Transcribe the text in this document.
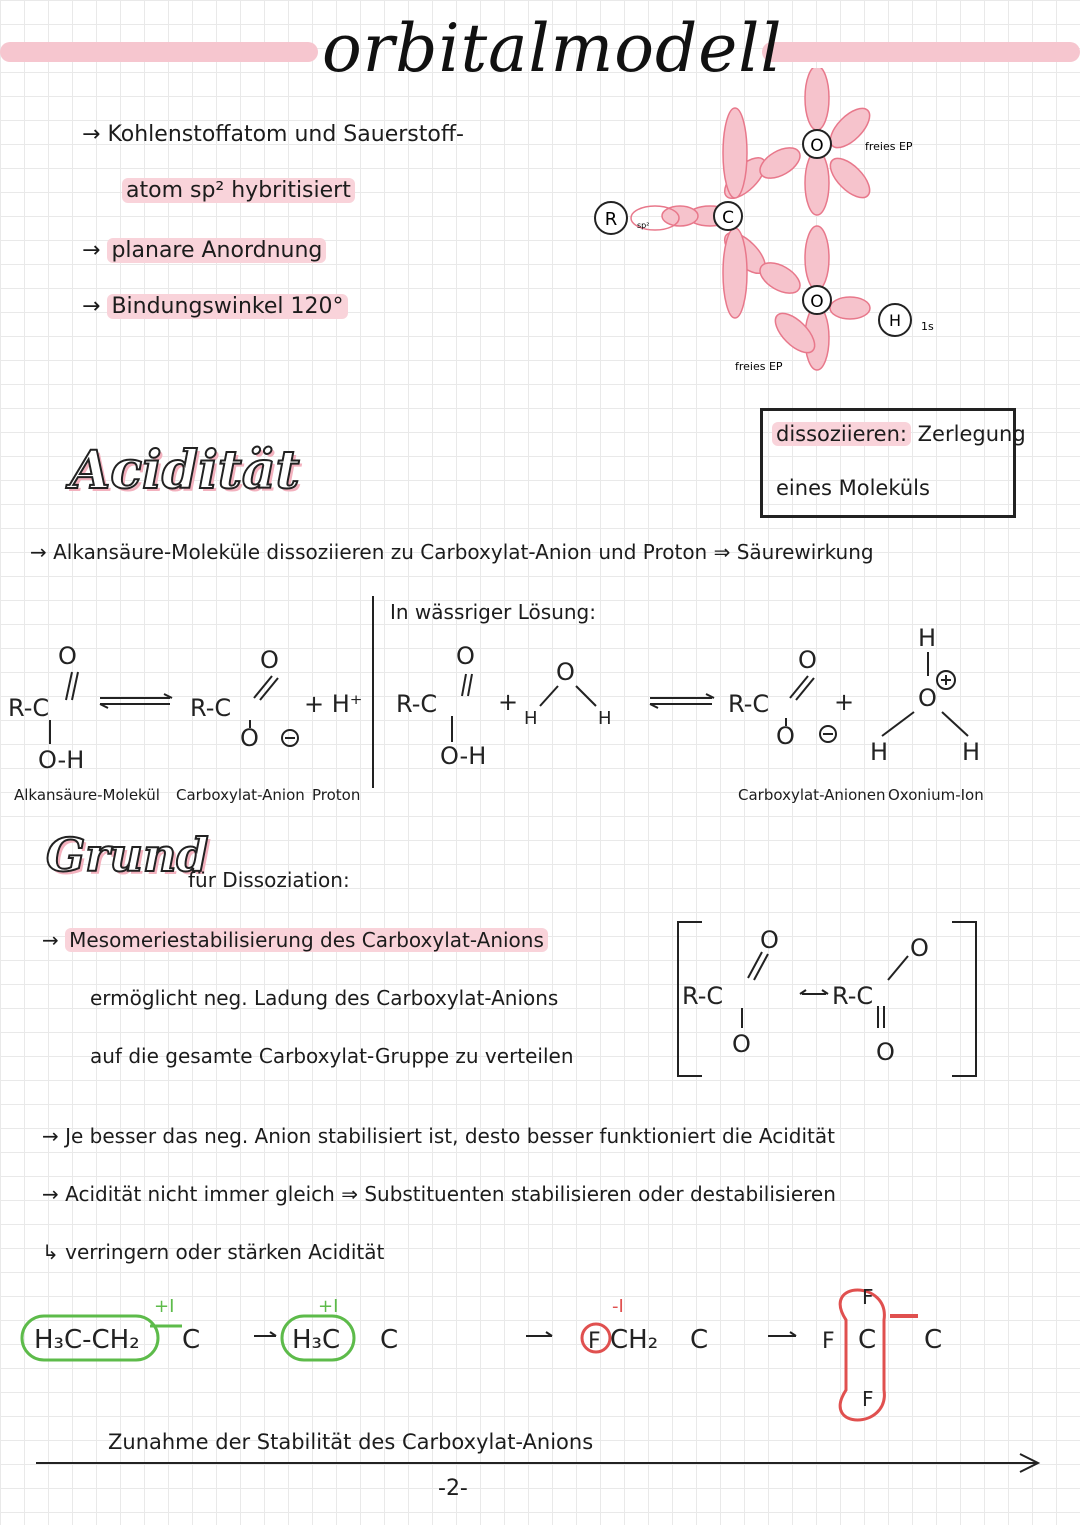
orbitalmodell
→ Kohlenstoffatom und Sauerstoff-
atom sp² hybritisiert
→ planare Anordnung
→ Bindungswinkel 120°
R	C
O
O
H 1s
freies EP
freies EP
sp²
dissoziieren: Zerlegung
eines Moleküls
Acidität
→ Alkansäure-Moleküle dissoziieren zu Carboxylat-Anion und Proton ⇒ Säurewirkung
In wässriger Lösung:
R-C
O
O-H
R-C
O
O
+ H⁺ R-C
O
O-H
+
H
O
H
R-C
O
O
+
H
O
H	H
Alkansäure-Molekül Carboxylat-Anion Proton	Carboxylat-Anionen Oxonium-Ion
Grund
für Dissoziation:
→ Mesomeriestabilisierung des Carboxylat-Anions
ermöglicht neg. Ladung des Carboxylat-Anions
auf die gesamte Carboxylat-Gruppe zu verteilen
R-C
O
O
R-C
O
O
→ Je besser das neg. Anion stabilisiert ist, desto besser funktioniert die Acidität
→ Acidität nicht immer gleich ⇒ Substituenten stabilisieren oder destabilisieren
↳ verringern oder stärken Acidität
H₃C-CH₂ C	H₃C C	F CH₂ C	F C
F
F
C
+I	+I	-I
Zunahme der Stabilität des Carboxylat-Anions
-2-
